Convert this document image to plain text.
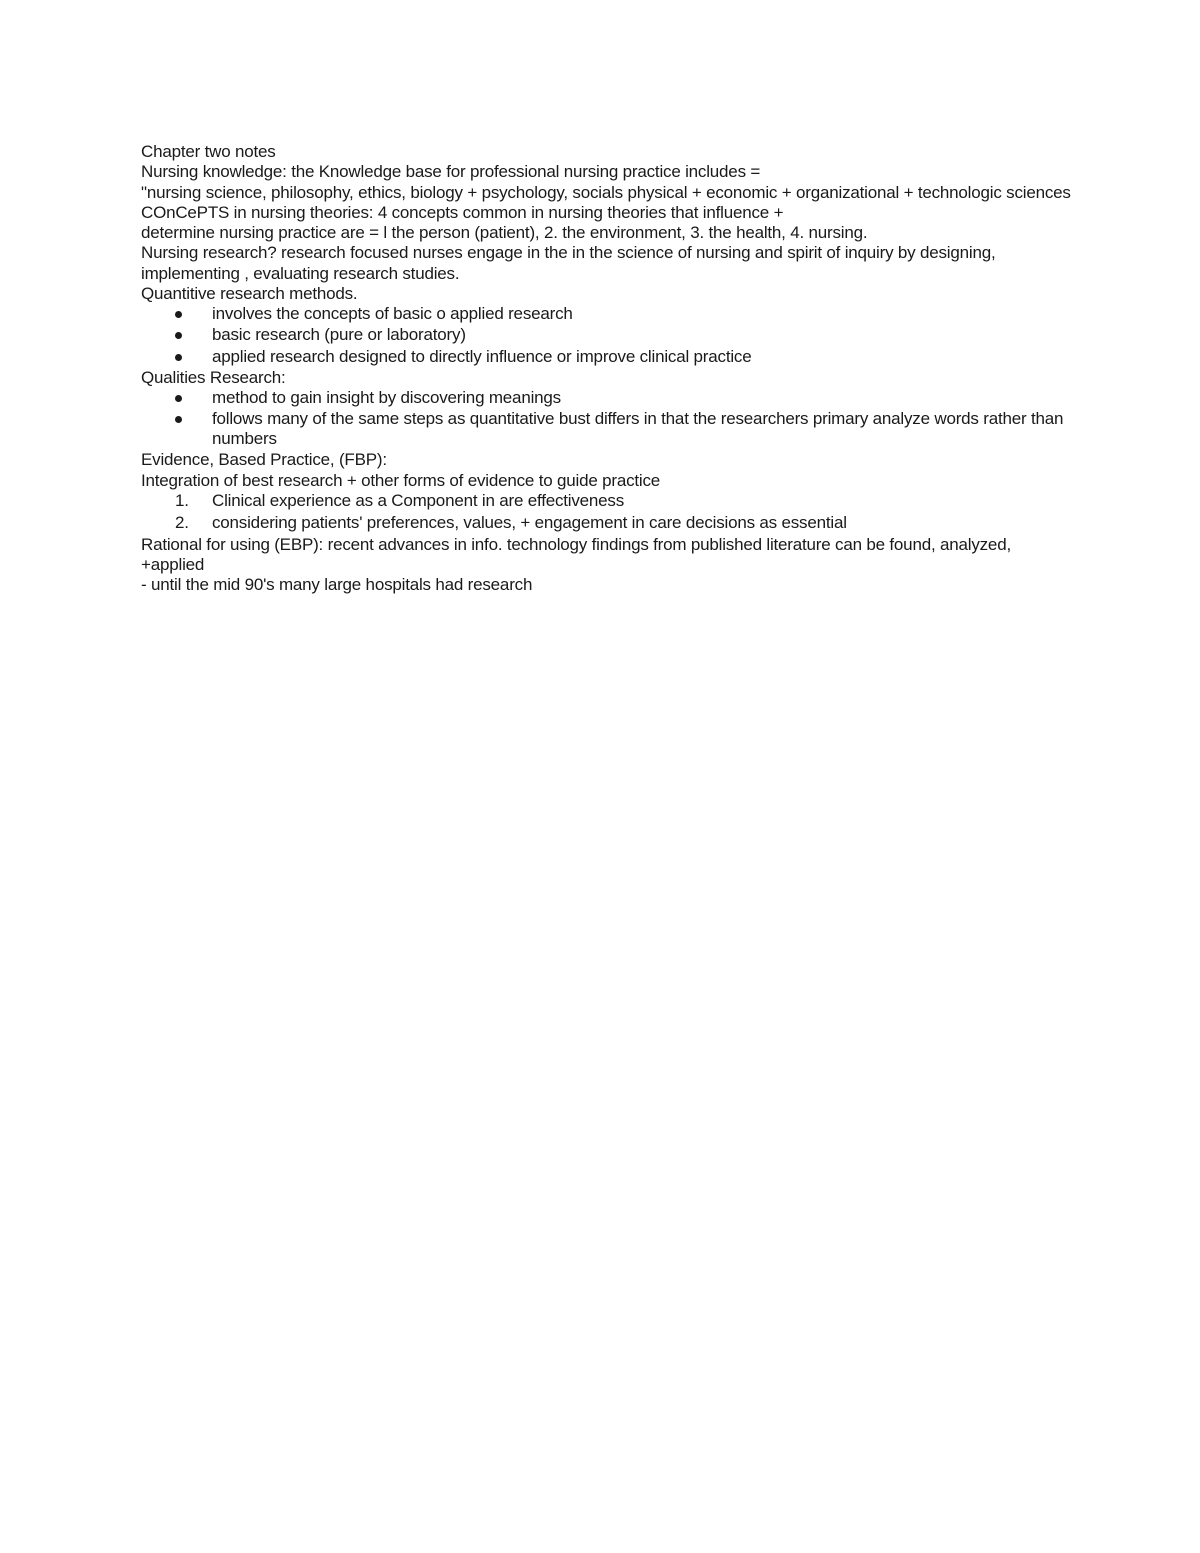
Chapter two notes
Nursing knowledge: the Knowledge base for professional nursing practice includes =
"nursing science, philosophy, ethics, biology + psychology, socials physical + economic + organizational + technologic sciences
COnCePTS in nursing theories: 4 concepts common in nursing theories that influence +
determine nursing practice are = l the person (patient), 2. the environment, 3. the health, 4. nursing.
Nursing research? research focused nurses engage in the in the science of nursing and spirit of inquiry by designing, implementing , evaluating research studies.
Quantitive research methods.
involves the concepts of basic o applied research
basic research (pure or laboratory)
applied research designed to directly influence or improve clinical practice
Qualities Research:
method to gain insight by discovering meanings
follows many of the same steps as quantitative bust differs in that the researchers primary analyze words rather than numbers
Evidence, Based Practice, (FBP):
Integration of best research + other forms of evidence to guide practice
1.	Clinical experience as a Component in are effectiveness
2.	considering patients' preferences, values, + engagement in care decisions as essential
Rational for using (EBP): recent advances in info. technology findings from published literature can be found, analyzed, +applied
- until the mid 90's many large hospitals had research
